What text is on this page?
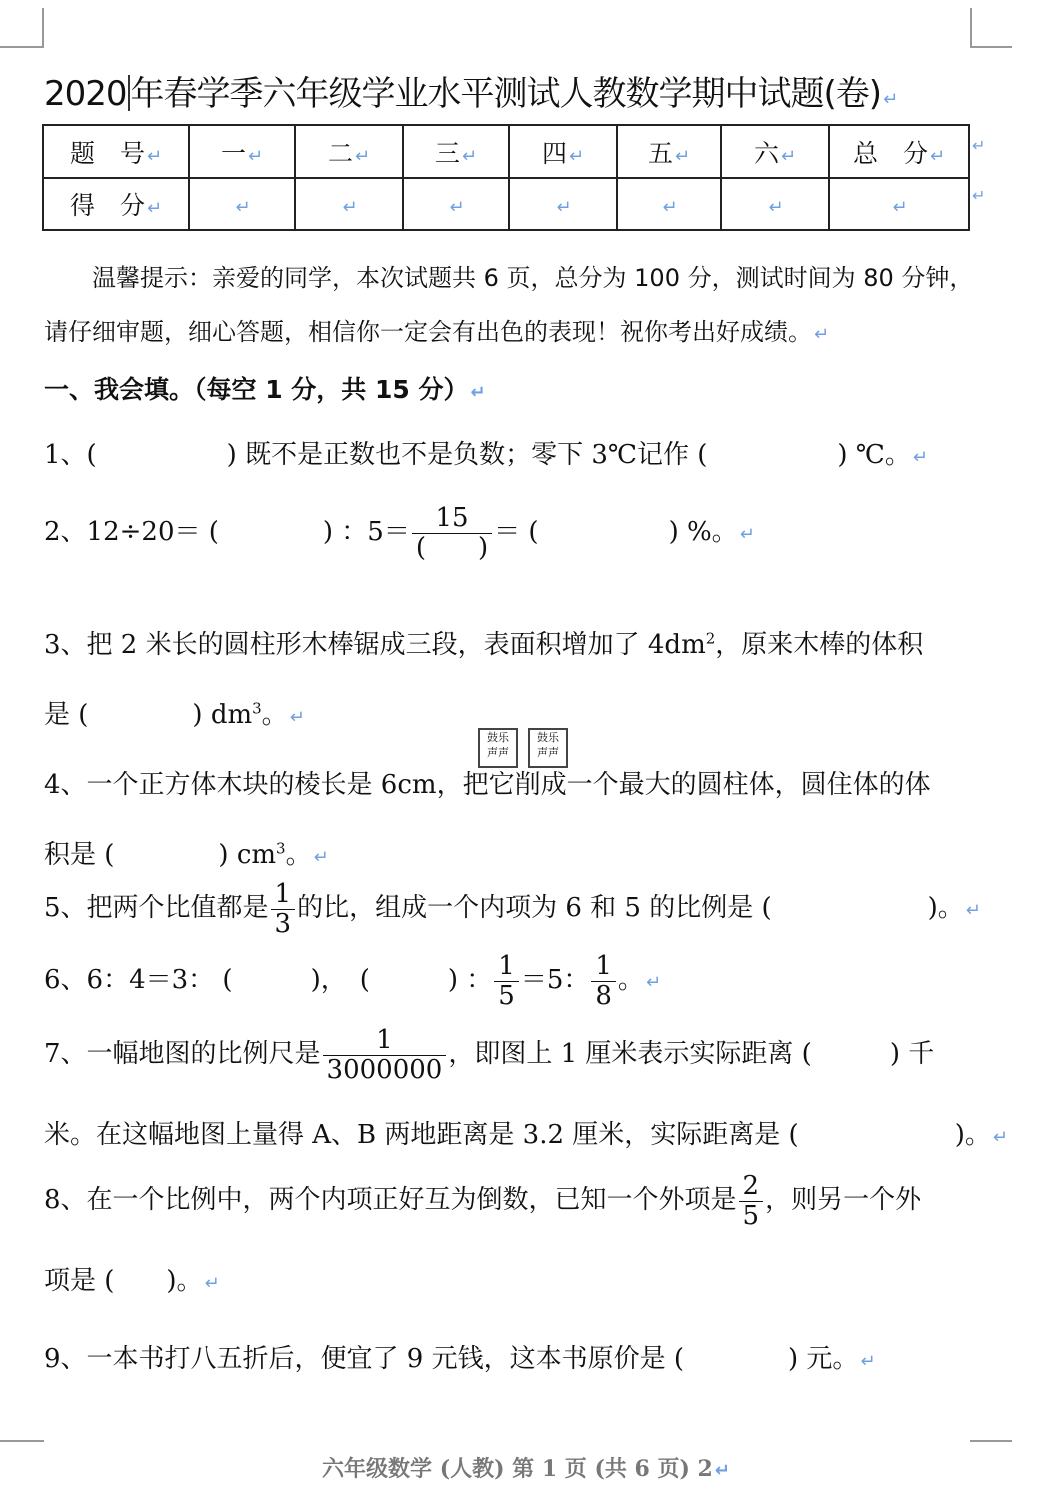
2020 年春学季六年级学业水平测试人教数学期中试题(卷) ↵
题　号 ↵	一 ↵	二 ↵	三 ↵	四 ↵	五 ↵	六 ↵	总　分 ↵
得　分 ↵	↵	↵	↵	↵	↵	↵	↵
↵
↵
温馨提示：亲爱的同学，本次试题共 6 页，总分为 100 分，测试时间为 80 分钟，
请仔细审题，细心答题，相信你一定会有出色的表现！祝你考出好成绩。 ↵
一、我会填。（每空 1 分，共 15 分） ↵
1、(　　　　　) 既不是正数也不是负数；零下 3℃记作 (　　　　　) ℃。 ↵
2、12÷20＝ (　　　　) ：$5= \frac{15}{( )}$ ＝ (　　　　　) %。 ↵
3、把 2 米长的圆柱形木棒锯成三段，表面积增加了 $4dm^2$，原来木棒的体积
是 (　　　　) $dm^3$。 ↵
鼓乐
声声鼓乐
声声
4、一个正方体木块的棱长是 6cm，把它削成一个最大的圆柱体，圆住体的体
积是 (　　　　) $cm^3$。 ↵
5、把两个比值都是 $\frac{1}{3}$ 的比，组成一个内项为 6 和 5 的比例是 (　　　　　　)。 ↵
6、6：4＝3： (　　　)，　(　　　) ： $\frac{1}{5} =5$： $\frac{1}{8}$ 。 ↵
7、一幅地图的比例尺是 $\frac{1}{3000000}$ ，即图上 1 厘米表示实际距离 (　　　) 千
米。在这幅地图上量得 A、B 两地距离是 3.2 厘米，实际距离是 (　　　　　　)。 ↵
8、在一个比例中，两个内项正好互为倒数，已知一个外项是 $\frac{2}{5}$ ，则另一个外
项是 (　　)。 ↵
9、一本书打八五折后，便宜了 9 元钱，这本书原价是 (　　　　) 元。 ↵
六年级数学 (人教) 第 1 页 (共 6 页) 2 ↵
